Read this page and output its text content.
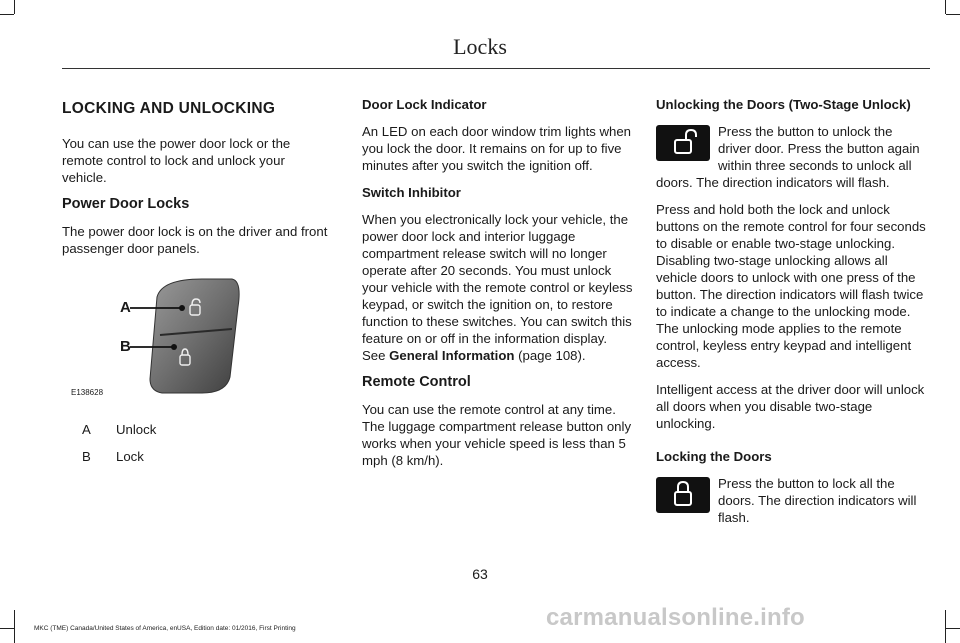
Locks
LOCKING AND UNLOCKING

You can use the power door lock or the remote control to lock and unlock your vehicle.

Power Door Locks

The power door lock is on the driver and front passenger door panels.

A
B
E138628
A	Unlock
B	Lock
Door Lock Indicator

An LED on each door window trim lights when you lock the door. It remains on for up to five minutes after you switch the ignition off.

Switch Inhibitor

When you electronically lock your vehicle, the power door lock and interior luggage compartment release switch will no longer operate after 20 seconds. You must unlock your vehicle with the remote control or keyless keypad, or switch the ignition on, to restore function to these switches. You can switch this feature on or off in the information display. See General Information (page 108).

Remote Control

You can use the remote control at any time. The luggage compartment release button only works when your vehicle speed is less than 5 mph (8 km/h).

Unlocking the Doors (Two-Stage Unlock)

Press the button to unlock the driver door. Press the button again within three seconds to unlock all doors. The direction indicators will flash.

Press and hold both the lock and unlock buttons on the remote control for four seconds to disable or enable two-stage unlocking. Disabling two-stage unlocking allows all vehicle doors to unlock with one press of the button. The direction indicators will flash twice to indicate a change to the unlocking mode. The unlocking mode applies to the remote control, keyless entry keypad and intelligent access.

Intelligent access at the driver door will unlock all doors when you disable two-stage unlocking.

Locking the Doors

Press the button to lock all the doors. The direction indicators will flash.

63
MKC (TME) Canada/United States of America, enUSA, Edition date: 01/2016, First Printing	carmanualsonline.info
